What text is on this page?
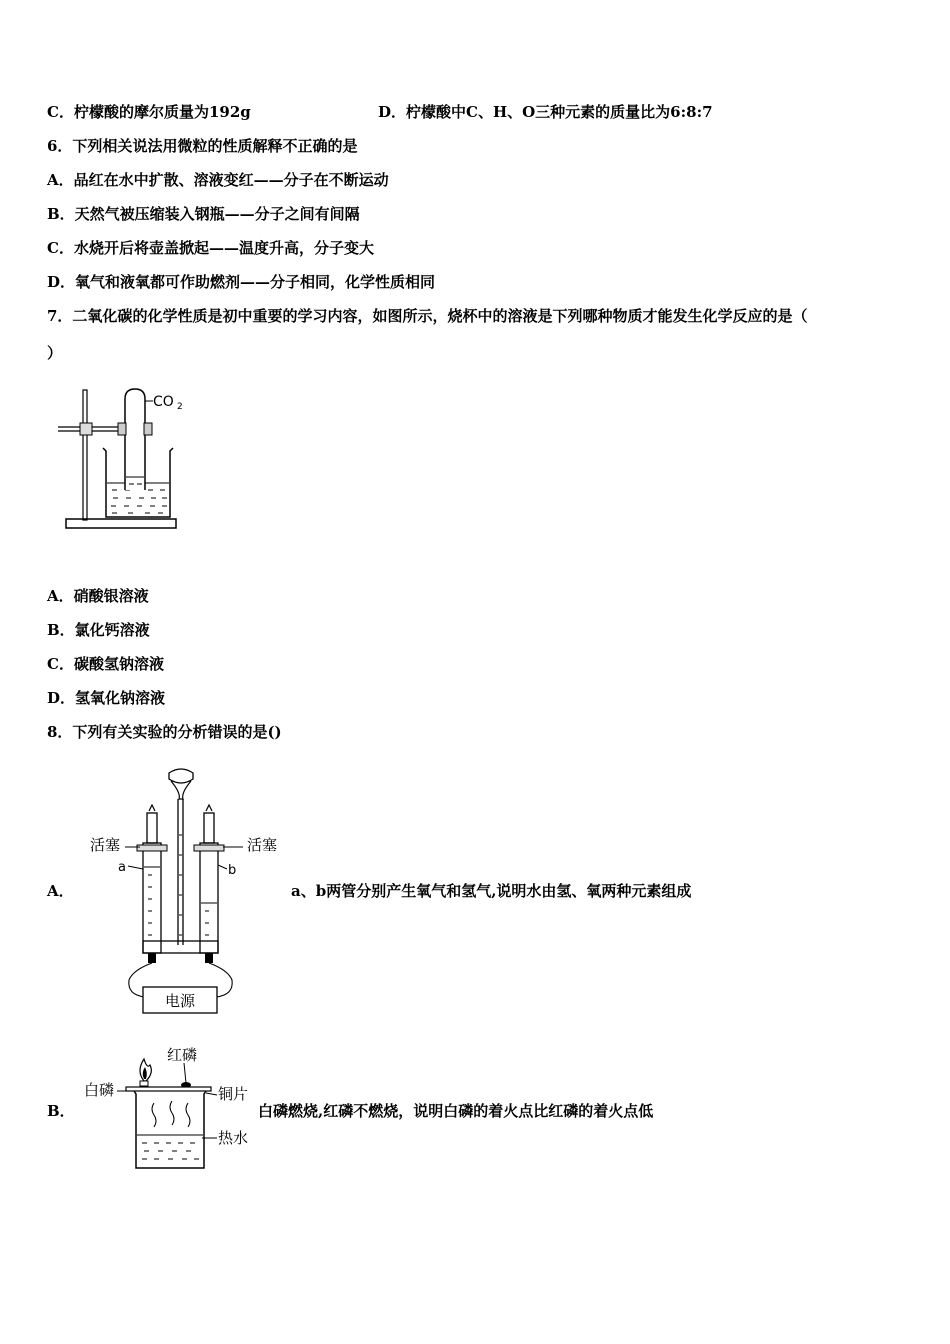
C．柠檬酸的摩尔质量为192g	D．柠檬酸中C、H、O三种元素的质量比为6:8:7
6．下列相关说法用微粒的性质解释不正确的是
A．品红在水中扩散、溶液变红——分子在不断运动
B．天然气被压缩装入钢瓶——分子之间有间隔
C．水烧开后将壶盖掀起——温度升高，分子变大
D．氧气和液氧都可作助燃剂——分子相同，化学性质相同
7．二氧化碳的化学性质是初中重要的学习内容，如图所示，烧杯中的溶液是下列哪种物质才能发生化学反应的是（
）
CO 2
A．硝酸银溶液
B．氯化钙溶液
C．碳酸氢钠溶液
D．氢氧化钠溶液
8．下列有关实验的分析错误的是()
A．
电源
活塞	活塞
a	b
a、b两管分别产生氧气和氢气,说明水由氢、氧两种元素组成
B．
红磷
白磷	铜片
热水
白磷燃烧,红磷不燃烧，说明白磷的着火点比红磷的着火点低
